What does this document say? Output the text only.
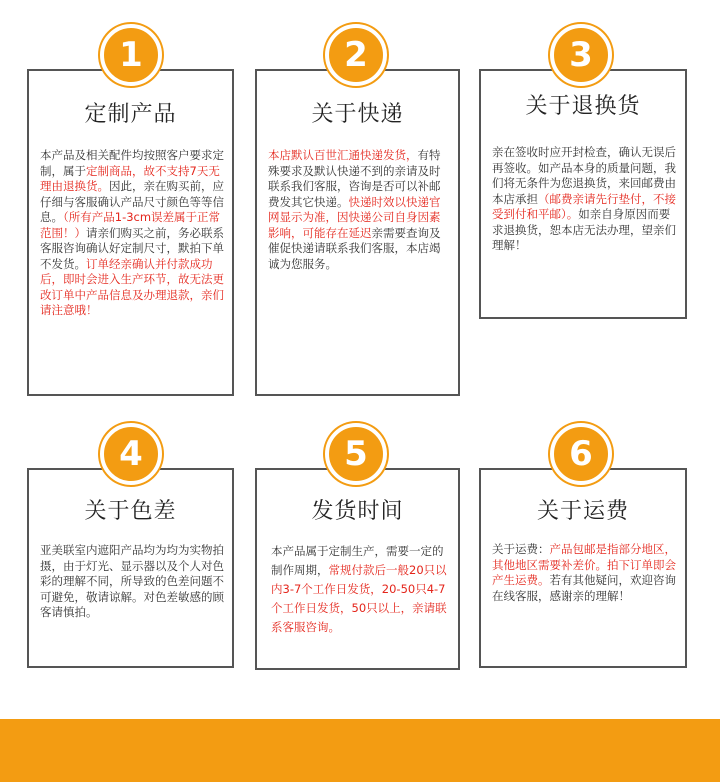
定制产品
本产品及相关配件均按照客户要求定制，属于定制商品，故不支持7天无理由退换货。因此，亲在购买前，应仔细与客服确认产品尺寸颜色等等信息。（所有产品1-3cm误差属于正常范围！）请亲们购买之前，务必联系客服咨询确认好定制尺寸，默拍下单不发货。订单经亲确认并付款成功后，即时会进入生产环节，故无法更改订单中产品信息及办理退款，亲们请注意哦！
1
关于快递
本店默认百世汇通快递发货，有特殊要求及默认快递不到的亲请及时联系我们客服，咨询是否可以补邮费发其它快递。快递时效以快递官网显示为准，因快递公司自身因素影响，可能存在延迟亲需要查询及催促快递请联系我们客服，本店竭诚为您服务。
2
关于退换货
亲在签收时应开封检查，确认无误后再签收。如产品本身的质量问题，我们将无条件为您退换货，来回邮费由本店承担（邮费亲请先行垫付，不接受到付和平邮）。如亲自身原因而要求退换货，恕本店无法办理，望亲们理解！
3
关于色差
亚美联室内遮阳产品均为均为实物拍摄，由于灯光、显示器以及个人对色彩的理解不同，所导致的色差问题不可避免，敬请谅解。对色差敏感的顾客请慎拍。
4
发货时间
本产品属于定制生产，需要一定的制作周期，常规付款后一般20只以内3-7个工作日发货，20-50只4-7个工作日发货，50只以上，亲请联系客服咨询。
5
关于运费
关于运费：产品包邮是指部分地区，其他地区需要补差价。拍下订单即会产生运费。若有其他疑问，欢迎咨询在线客服，感谢亲的理解！
6
